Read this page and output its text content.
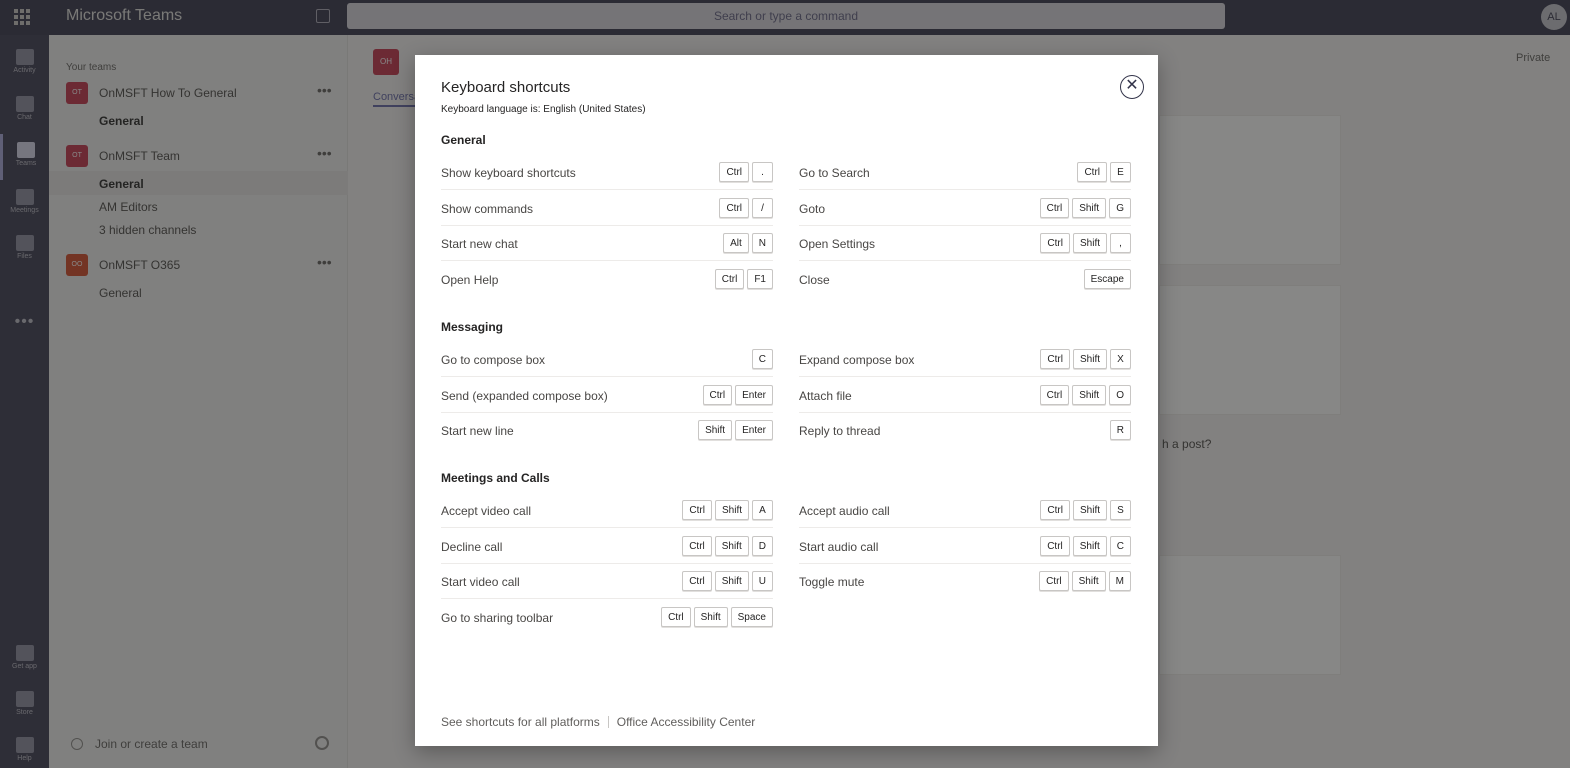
Keyboard shortcuts
Keyboard language is: English (United States)
✕
General
Show keyboard shortcuts	Ctrl	.
Show commands	Ctrl	/
Start new chat	Alt	N
Open Help	Ctrl	F1
Go to Search	Ctrl	E
Goto	Ctrl	Shift	G
Open Settings	Ctrl	Shift	,
Close	Escape
Messaging
Go to compose box	C
Send (expanded compose box)	Ctrl	Enter
Start new line	Shift	Enter
Expand compose box	Ctrl	Shift	X
Attach file	Ctrl	Shift	O
Reply to thread	R
Meetings and Calls
Accept video call	Ctrl	Shift	A
Decline call	Ctrl	Shift	D
Start video call	Ctrl	Shift	U
Go to sharing toolbar	Ctrl	Shift	Space
Accept audio call	Ctrl	Shift	S
Start audio call	Ctrl	Shift	C
Toggle mute	Ctrl	Shift	M
See shortcuts for all platforms Office Accessibility Center
